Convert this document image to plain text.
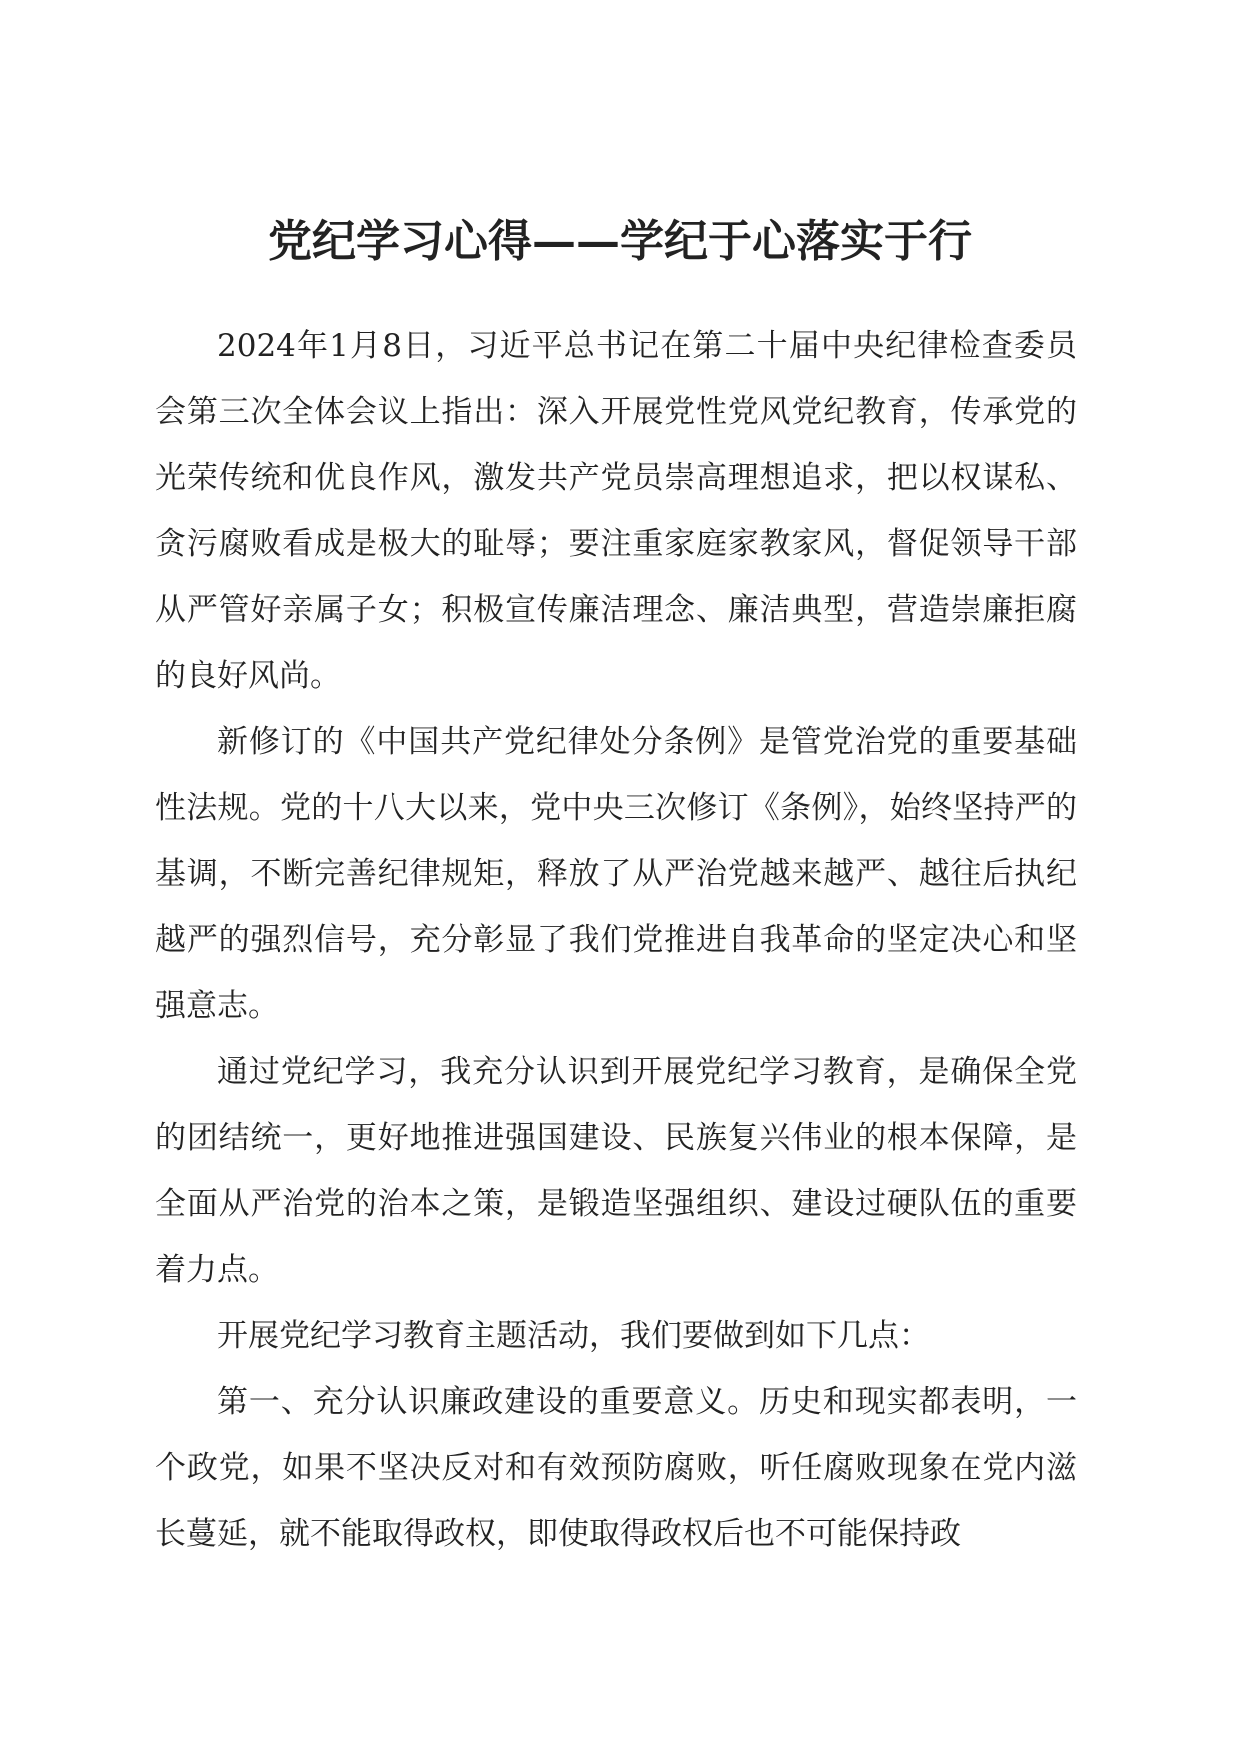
党纪学习心得——学纪于心落实于行

2024年1月8日，习近平总书记在第二十届中央纪律检查委员会第三次全体会议上指出：深入开展党性党风党纪教育，传承党的光荣传统和优良作风，激发共产党员崇高理想追求，把以权谋私、贪污腐败看成是极大的耻辱；要注重家庭家教家风，督促领导干部从严管好亲属子女；积极宣传廉洁理念、廉洁典型，营造崇廉拒腐的良好风尚。

新修订的《中国共产党纪律处分条例》是管党治党的重要基础性法规。党的十八大以来，党中央三次修订《条例》，始终坚持严的基调，不断完善纪律规矩，释放了从严治党越来越严、越往后执纪越严的强烈信号，充分彰显了我们党推进自我革命的坚定决心和坚强意志。

通过党纪学习，我充分认识到开展党纪学习教育，是确保全党的团结统一，更好地推进强国建设、民族复兴伟业的根本保障，是全面从严治党的治本之策，是锻造坚强组织、建设过硬队伍的重要着力点。

开展党纪学习教育主题活动，我们要做到如下几点：

第一、充分认识廉政建设的重要意义。历史和现实都表明，一个政党，如果不坚决反对和有效预防腐败，听任腐败现象在党内滋长蔓延，就不能取得政权，即使取得政权后也不可能保持政
